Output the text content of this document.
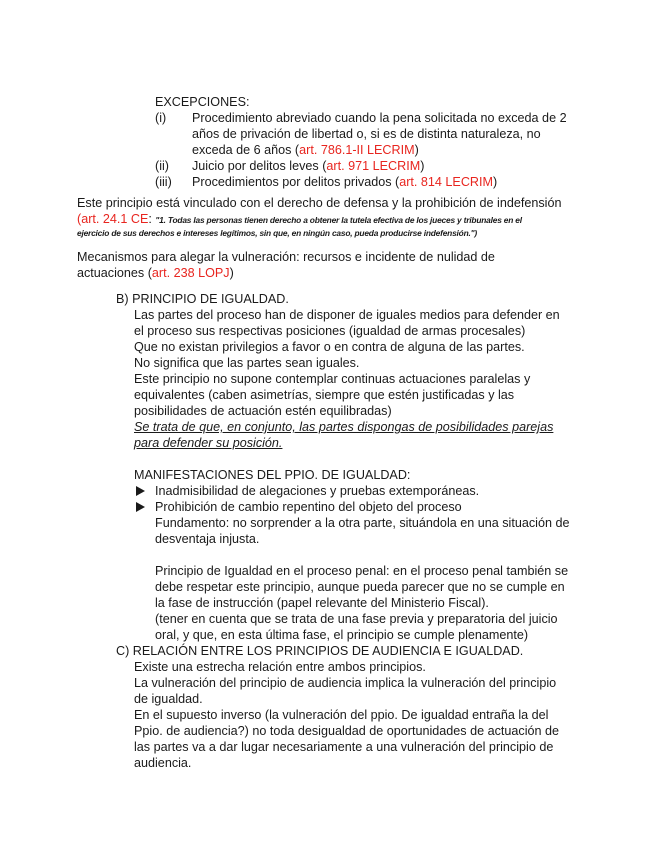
EXCEPCIONES:
(i) Procedimiento abreviado cuando la pena solicitada no exceda de 2
años de privación de libertad o, si es de distinta naturaleza, no
exceda de 6 años (art. 786.1-II LECRIM)
(ii) Juicio por delitos leves (art. 971 LECRIM)
(iii) Procedimientos por delitos privados (art. 814 LECRIM)
Este principio está vinculado con el derecho de defensa y la prohibición de indefensión
(art. 24.1 CE: "1. Todas las personas tienen derecho a obtener la tutela efectiva de los jueces y tribunales en el
ejercicio de sus derechos e intereses legítimos, sin que, en ningún caso, pueda producirse indefensión.")
Mecanismos para alegar la vulneración: recursos e incidente de nulidad de
actuaciones (art. 238 LOPJ)
B) PRINCIPIO DE IGUALDAD.
Las partes del proceso han de disponer de iguales medios para defender en
el proceso sus respectivas posiciones (igualdad de armas procesales)
Que no existan privilegios a favor o en contra de alguna de las partes.
No significa que las partes sean iguales.
Este principio no supone contemplar continuas actuaciones paralelas y
equivalentes (caben asimetrías, siempre que estén justificadas y las
posibilidades de actuación estén equilibradas)
Se trata de que, en conjunto, las partes dispongas de posibilidades parejas
para defender su posición.
MANIFESTACIONES DEL PPIO. DE IGUALDAD:
Inadmisibilidad de alegaciones y pruebas extemporáneas.
Prohibición de cambio repentino del objeto del proceso
Fundamento: no sorprender a la otra parte, situándola en una situación de
desventaja injusta.
Principio de Igualdad en el proceso penal: en el proceso penal también se
debe respetar este principio, aunque pueda parecer que no se cumple en
la fase de instrucción (papel relevante del Ministerio Fiscal).
(tener en cuenta que se trata de una fase previa y preparatoria del juicio
oral, y que, en esta última fase, el principio se cumple plenamente)
C) RELACIÓN ENTRE LOS PRINCIPIOS DE AUDIENCIA E IGUALDAD.
Existe una estrecha relación entre ambos principios.
La vulneración del principio de audiencia implica la vulneración del principio
de igualdad.
En el supuesto inverso (la vulneración del ppio. De igualdad entraña la del
Ppio. de audiencia?) no toda desigualdad de oportunidades de actuación de
las partes va a dar lugar necesariamente a una vulneración del principio de
audiencia.
